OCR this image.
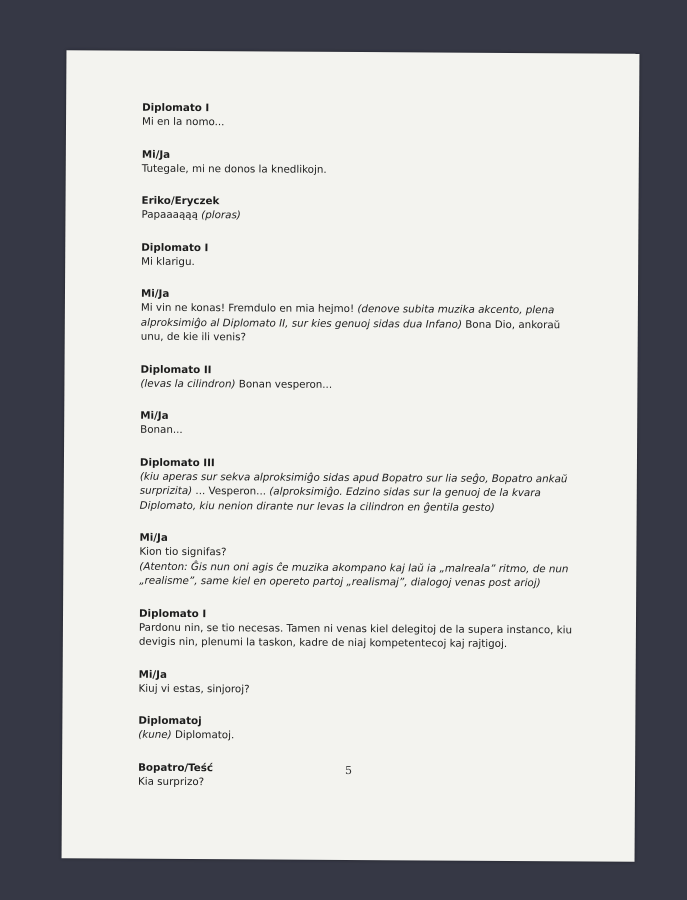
Diplomato I
Mi en la nomo...
Mi/Ja
Tutegale, mi ne donos la knedlikojn.
Eriko/Eryczek
Papaaaąąą (ploras)
Diplomato I
Mi klarigu.
Mi/Ja
Mi vin ne konas! Fremdulo en mia hejmo! (denove subita muzika akcento, plena alproksimiĝo al Diplomato II, sur kies genuoj sidas dua Infano) Bona Dio, ankoraŭ unu, de kie ili venis?
Diplomato II
(levas la cilindron) Bonan vesperon...
Mi/Ja
Bonan...
Diplomato III
(kiu aperas sur sekva alproksimiĝo sidas apud Bopatro sur lia seĝo, Bopatro ankaŭ surprizita) ... Vesperon... (alproksimiĝo. Edzino sidas sur la genuoj de la kvara Diplomato, kiu nenion dirante nur levas la cilindron en ĝentila gesto)
Mi/Ja
Kion tio signifas?
(Atenton: Ĝis nun oni agis ĉe muzika akompano kaj laŭ ia „malreala” ritmo, de nun „realisme”, same kiel en opereto partoj „realismaj”, dialogoj venas post arioj)
Diplomato I
Pardonu nin, se tio necesas. Tamen ni venas kiel delegitoj de la supera instanco, kiu devigis nin, plenumi la taskon, kadre de niaj kompetentecoj kaj rajtigoj.
Mi/Ja
Kiuj vi estas, sinjoroj?
Diplomatoj
(kune) Diplomatoj.
Bopatro/Teść
Kia surprizo?
5
